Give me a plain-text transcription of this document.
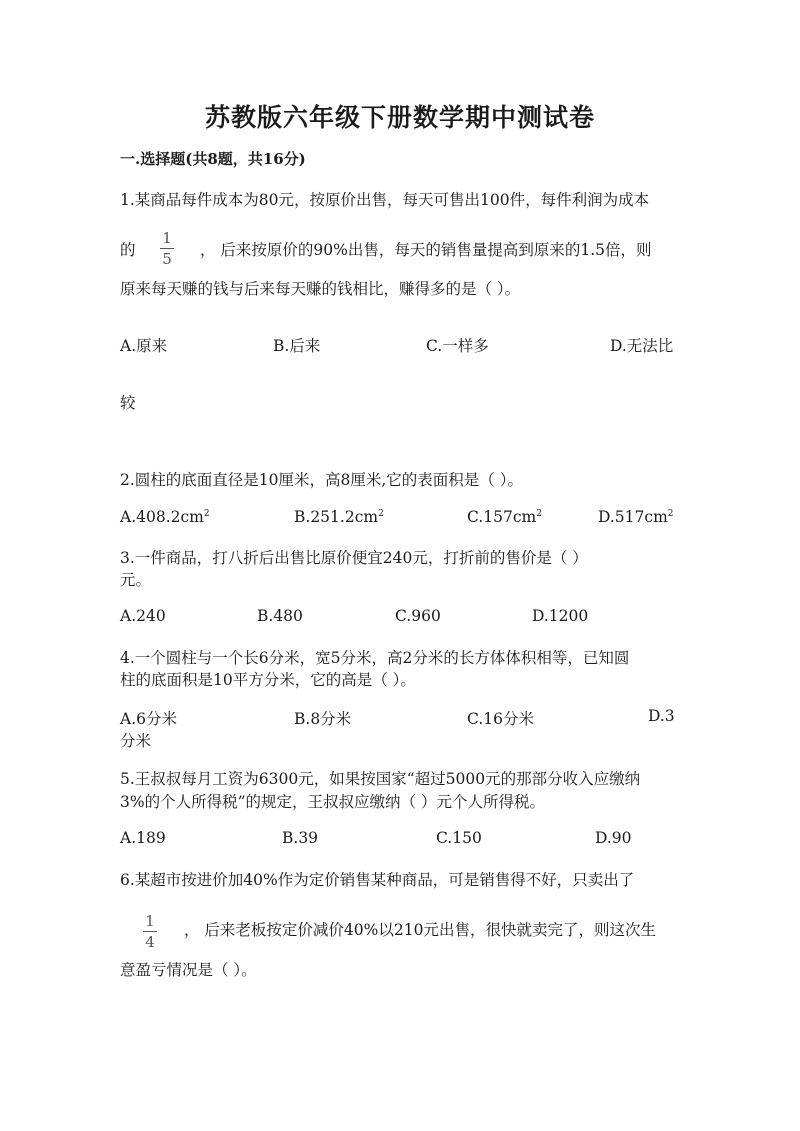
苏教版六年级下册数学期中测试卷
一.选择题(共8题，共16分)
1.某商品每件成本为80元，按原价出售，每天可售出100件，每件利润为成本
的
1
5	， 后来按原价的90%出售，每天的销售量提高到原来的1.5倍，则
原来每天赚的钱与后来每天赚的钱相比，赚得多的是（ ）。
A.原来	B.后来	C.一样多	D.无法比
较
2.圆柱的底面直径是10厘米，高8厘米,它的表面积是（ ）。
$A.408.2cm^2$	$B.251.2cm^2$	$C.157cm^2$	$D.517cm^2$
3.一件商品，打八折后出售比原价便宜240元，打折前的售价是（ ）
元。
A.240	B.480	C.960	D.1200
4.一个圆柱与一个长6分米，宽5分米，高2分米的长方体体积相等，已知圆
柱的底面积是10平方分米，它的高是（ ）。
A.6分米	B.8分米	C.16分米	D.3
分米
5.王叔叔每月工资为6300元，如果按国家“超过5000元的那部分收入应缴纳
3%的个人所得税”的规定，王叔叔应缴纳（ ）元个人所得税。
A.189	B.39	C.150	D.90
6.某超市按进价加40%作为定价销售某种商品，可是销售得不好，只卖出了
1
4
， 后来老板按定价减价40%以210元出售，很快就卖完了，则这次生
意盈亏情况是（ ）。
